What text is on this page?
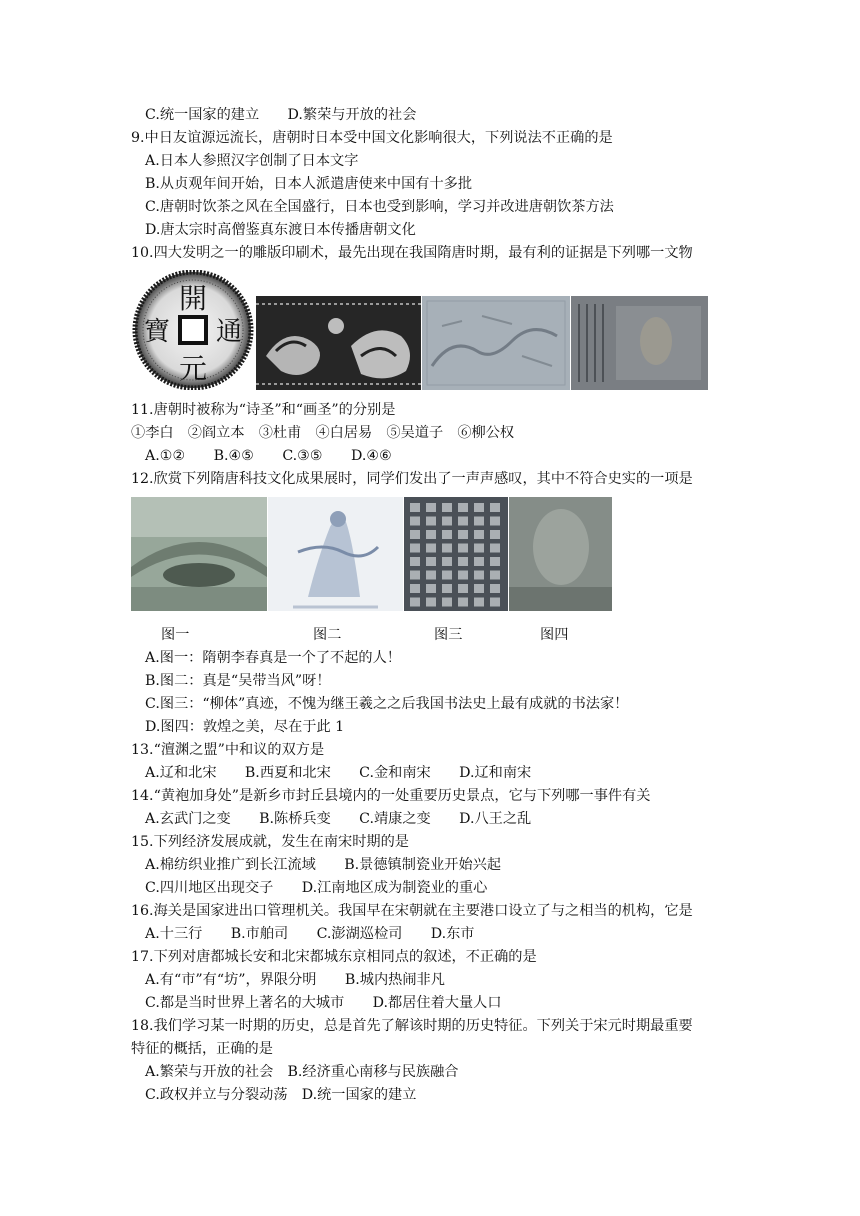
C.统一国家的建立　　D.繁荣与开放的社会
9.中日友谊源远流长，唐朝时日本受中国文化影响很大，下列说法不正确的是
A.日本人参照汉字创制了日本文字
B.从贞观年间开始，日本人派遣唐使来中国有十多批
C.唐朝时饮茶之风在全国盛行，日本也受到影响，学习并改进唐朝饮茶方法
D.唐太宗时高僧鉴真东渡日本传播唐朝文化
10.四大发明之一的雕版印刷术，最先出现在我国隋唐时期，最有利的证据是下列哪一文物
開
通
寶
元
11.唐朝时被称为“诗圣”和“画圣”的分别是
①李白　②阎立本　③杜甫　④白居易　⑤吴道子　⑥柳公权
A.①②　　B.④⑤　　C.③⑤　　D.④⑥
12.欣赏下列隋唐科技文化成果展时，同学们发出了一声声感叹，其中不符合史实的一项是
图一	图二	图三	图四
A.图一：隋朝李春真是一个了不起的人！
B.图二：真是“吴带当风”呀！
C.图三：“柳体”真迹，不愧为继王羲之之后我国书法史上最有成就的书法家！
D.图四：敦煌之美，尽在于此 1
13.“澶渊之盟”中和议的双方是
A.辽和北宋　　B.西夏和北宋　　C.金和南宋　　D.辽和南宋
14.“黄袍加身处”是新乡市封丘县境内的一处重要历史景点，它与下列哪一事件有关
A.玄武门之变　　B.陈桥兵变　　C.靖康之变　　D.八王之乱
15.下列经济发展成就，发生在南宋时期的是
A.棉纺织业推广到长江流域　　B.景德镇制瓷业开始兴起
C.四川地区出现交子　　D.江南地区成为制瓷业的重心
16.海关是国家进出口管理机关。我国早在宋朝就在主要港口设立了与之相当的机构，它是
A.十三行　　B.市舶司　　C.澎湖巡检司　　D.东市
17.下列对唐都城长安和北宋都城东京相同点的叙述，不正确的是
A.有“市”有“坊”，界限分明　　B.城内热闹非凡
C.都是当时世界上著名的大城市　　D.都居住着大量人口
18.我们学习某一时期的历史，总是首先了解该时期的历史特征。下列关于宋元时期最重要
特征的概括，正确的是
A.繁荣与开放的社会　B.经济重心南移与民族融合
C.政权并立与分裂动荡　D.统一国家的建立
